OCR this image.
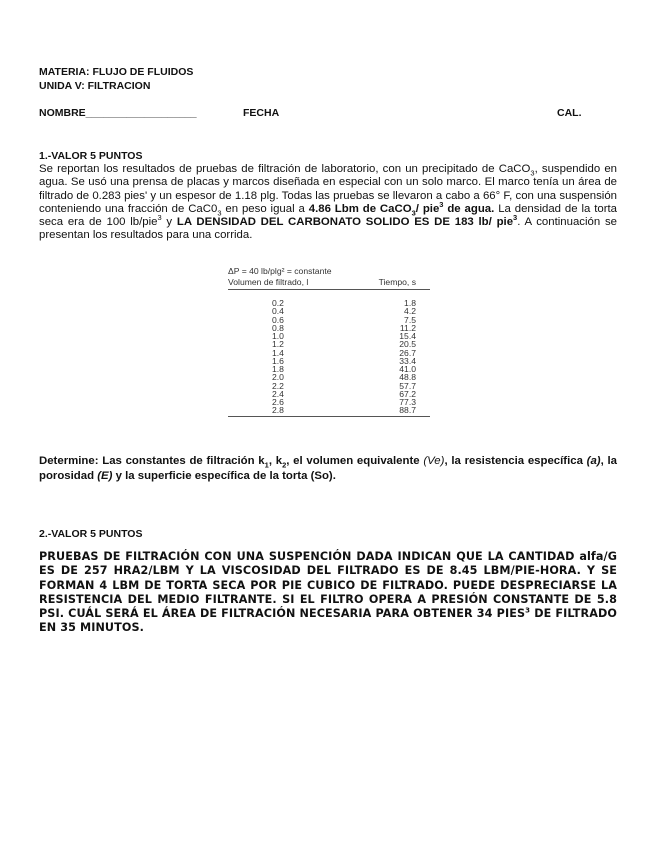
MATERIA: FLUJO DE FLUIDOS
UNIDA V: FILTRACION
NOMBRE___________________	FECHA	CAL.
1.-VALOR 5 PUNTOS
Se reportan los resultados de pruebas de filtración de laboratorio, con un precipitado de CaCO$_3$, suspendido en agua. Se usó una prensa de placas y marcos diseñada en especial con un solo marco. El marco tenía un área de filtrado de 0.283 pies' y un espesor de 1.18 plg. Todas las pruebas se llevaron a cabo a 66° F, con una suspensión conteniendo una fracción de $CaC0_3$ en peso igual a 4.86 Lbm de CaCO$_3$/ pie$^3$ de agua. La densidad de la torta seca era de 100 lb/pie$^3$ y LA DENSIDAD DEL CARBONATO SOLIDO ES DE 183 lb/ pie$^3$. A continuación se presentan los resultados para una corrida.
ΔP = 40 lb/plg² = constante
Volumen de filtrado, l	Tiempo, s
0.2	1.8
0.4	4.2
0.6	7.5
0.8	11.2
1.0	15.4
1.2	20.5
1.4	26.7
1.6	33.4
1.8	41.0
2.0	48.8
2.2	57.7
2.4	67.2
2.6	77.3
2.8	88.7
Determine: Las constantes de filtración $k_1$, $k_2$, el volumen equivalente (Ve), la resistencia específica (a), la porosidad (E) y la superficie específica de la torta (So).
2.-VALOR 5 PUNTOS
PRUEBAS DE FILTRACIÓN CON UNA SUSPENCIÓN DADA INDICAN QUE LA CANTIDAD alfa/G ES DE 257 HRA2/LBM Y LA VISCOSIDAD DEL FILTRADO ES DE 8.45 LBM/PIE-HORA. Y SE FORMAN 4 LBM DE TORTA SECA POR PIE CUBICO DE FILTRADO. PUEDE DESPRECIARSE LA RESISTENCIA DEL MEDIO FILTRANTE. SI EL FILTRO OPERA A PRESIÓN CONSTANTE DE 5.8 PSI. CUÁL SERÁ EL ÁREA DE FILTRACIÓN NECESARIA PARA OBTENER 34 PIES$^3$ DE FILTRADO EN 35 MINUTOS.
